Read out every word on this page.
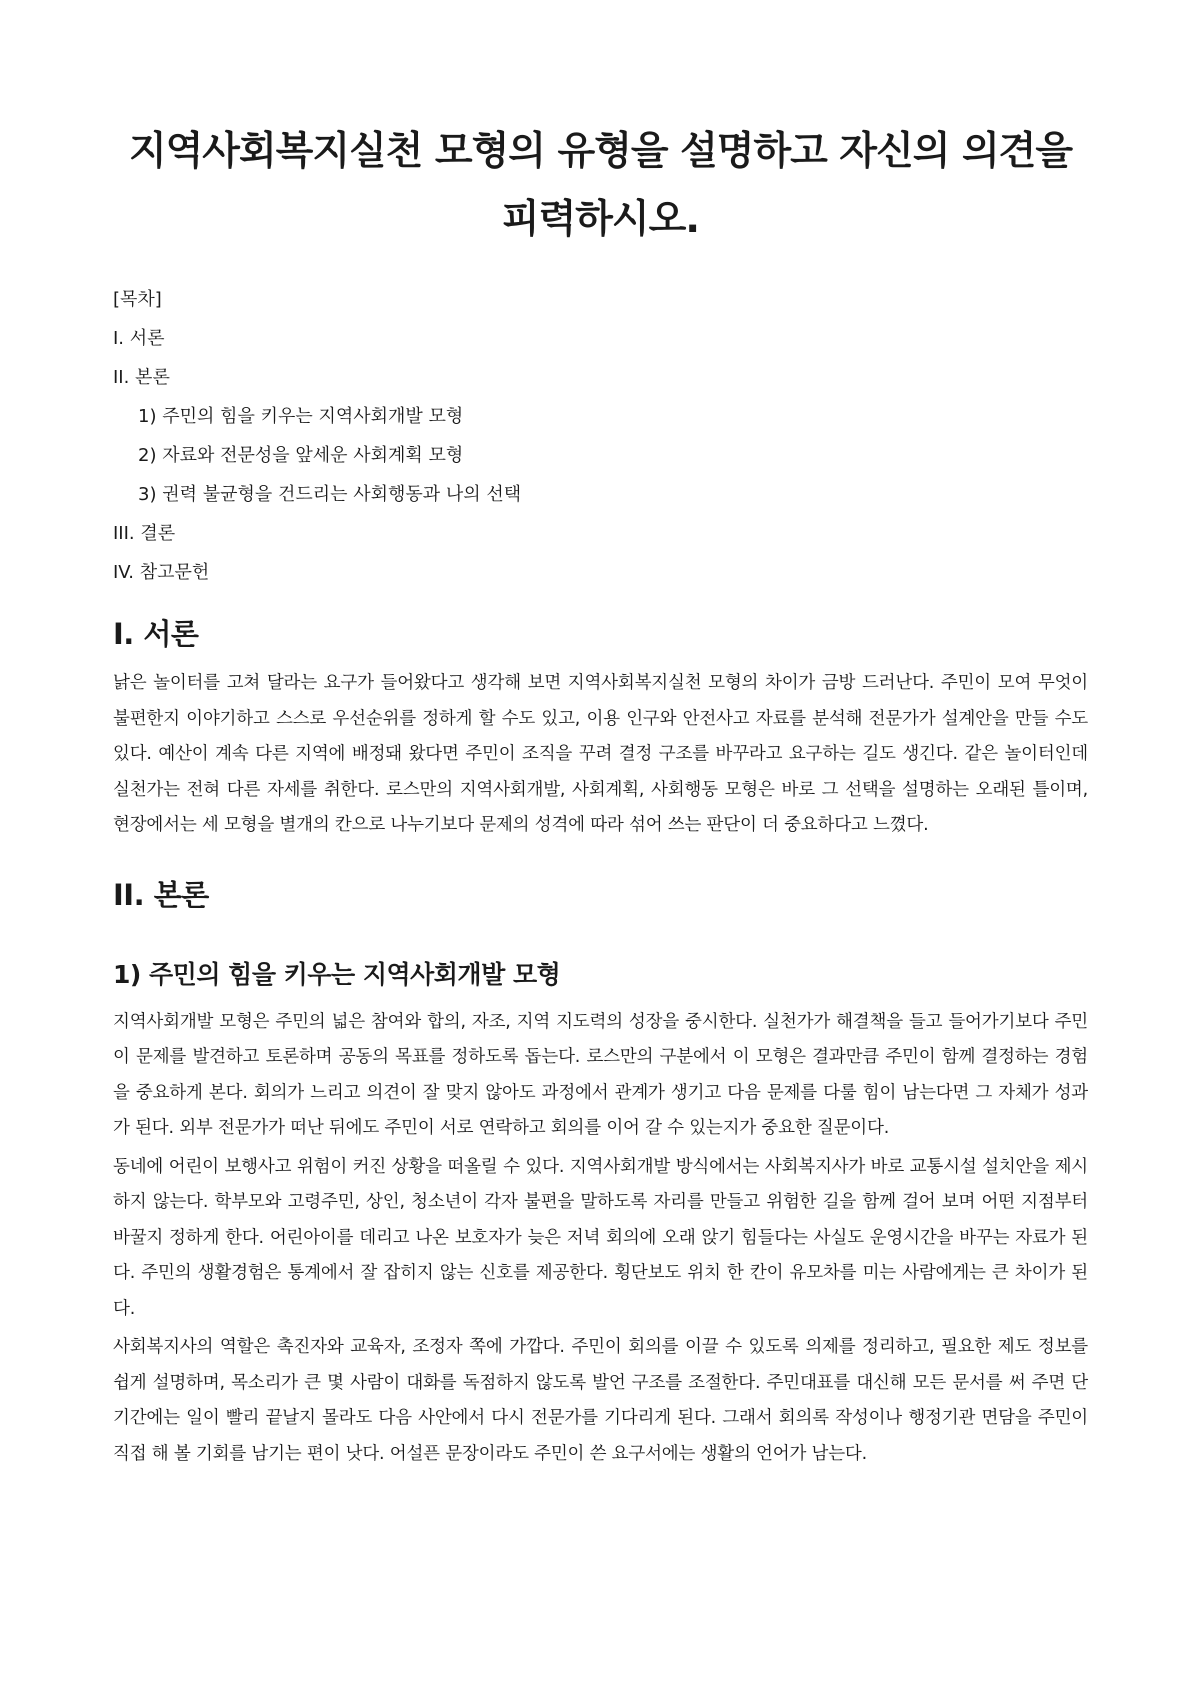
지역사회복지실천 모형의 유형을 설명하고 자신의 의견을 피력하시오.
[목차]
I. 서론
II. 본론
1) 주민의 힘을 키우는 지역사회개발 모형
2) 자료와 전문성을 앞세운 사회계획 모형
3) 권력 불균형을 건드리는 사회행동과 나의 선택
III. 결론
IV. 참고문헌
I. 서론

낡은 놀이터를 고쳐 달라는 요구가 들어왔다고 생각해 보면 지역사회복지실천 모형의 차이가 금방 드러난다. 주민이 모여 무엇이 불편한지 이야기하고 스스로 우선순위를 정하게 할 수도 있고, 이용 인구와 안전사고 자료를 분석해 전문가가 설계안을 만들 수도 있다. 예산이 계속 다른 지역에 배정돼 왔다면 주민이 조직을 꾸려 결정 구조를 바꾸라고 요구하는 길도 생긴다. 같은 놀이터인데 실천가는 전혀 다른 자세를 취한다. 로스만의 지역사회개발, 사회계획, 사회행동 모형은 바로 그 선택을 설명하는 오래된 틀이며, 현장에서는 세 모형을 별개의 칸으로 나누기보다 문제의 성격에 따라 섞어 쓰는 판단이 더 중요하다고 느꼈다.

II. 본론
1) 주민의 힘을 키우는 지역사회개발 모형

지역사회개발 모형은 주민의 넓은 참여와 합의, 자조, 지역 지도력의 성장을 중시한다. 실천가가 해결책을 들고 들어가기보다 주민이 문제를 발견하고 토론하며 공동의 목표를 정하도록 돕는다. 로스만의 구분에서 이 모형은 결과만큼 주민이 함께 결정하는 경험을 중요하게 본다. 회의가 느리고 의견이 잘 맞지 않아도 과정에서 관계가 생기고 다음 문제를 다룰 힘이 남는다면 그 자체가 성과가 된다. 외부 전문가가 떠난 뒤에도 주민이 서로 연락하고 회의를 이어 갈 수 있는지가 중요한 질문이다.

동네에 어린이 보행사고 위험이 커진 상황을 떠올릴 수 있다. 지역사회개발 방식에서는 사회복지사가 바로 교통시설 설치안을 제시하지 않는다. 학부모와 고령주민, 상인, 청소년이 각자 불편을 말하도록 자리를 만들고 위험한 길을 함께 걸어 보며 어떤 지점부터 바꿀지 정하게 한다. 어린아이를 데리고 나온 보호자가 늦은 저녁 회의에 오래 앉기 힘들다는 사실도 운영시간을 바꾸는 자료가 된다. 주민의 생활경험은 통계에서 잘 잡히지 않는 신호를 제공한다. 횡단보도 위치 한 칸이 유모차를 미는 사람에게는 큰 차이가 된다.

사회복지사의 역할은 촉진자와 교육자, 조정자 쪽에 가깝다. 주민이 회의를 이끌 수 있도록 의제를 정리하고, 필요한 제도 정보를 쉽게 설명하며, 목소리가 큰 몇 사람이 대화를 독점하지 않도록 발언 구조를 조절한다. 주민대표를 대신해 모든 문서를 써 주면 단기간에는 일이 빨리 끝날지 몰라도 다음 사안에서 다시 전문가를 기다리게 된다. 그래서 회의록 작성이나 행정기관 면담을 주민이 직접 해 볼 기회를 남기는 편이 낫다. 어설픈 문장이라도 주민이 쓴 요구서에는 생활의 언어가 남는다.
